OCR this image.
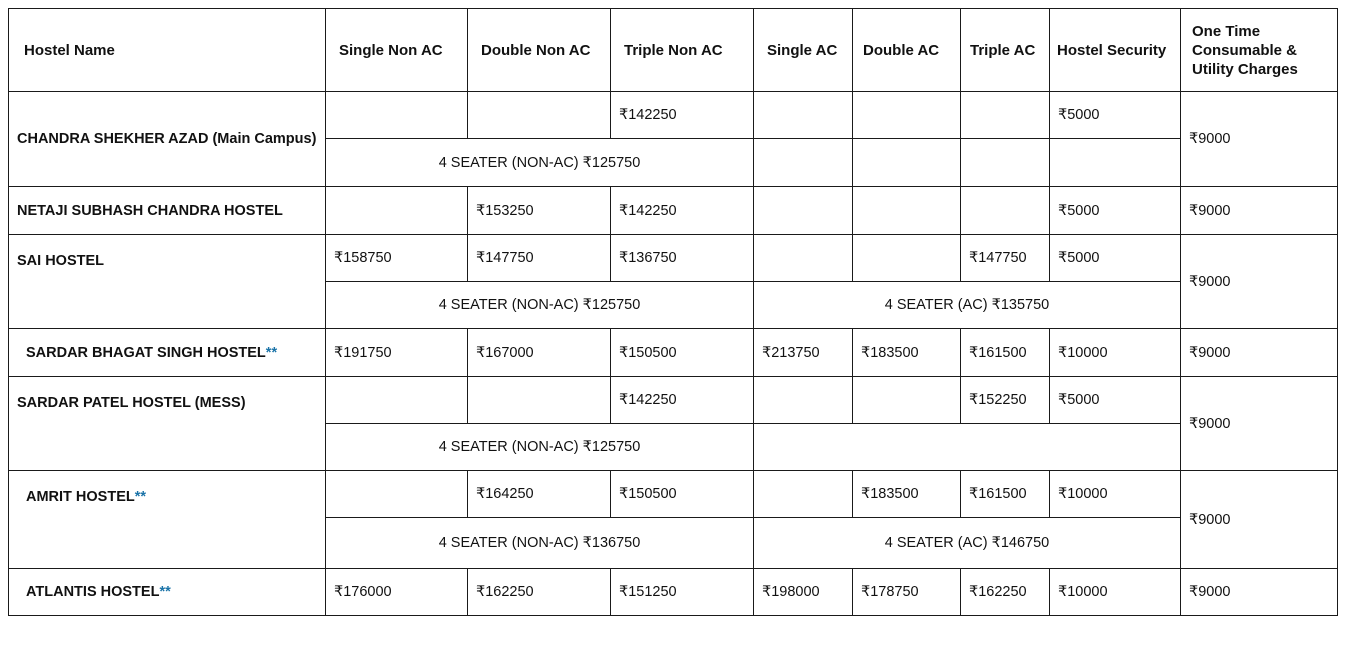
Hostel Name	Single Non AC	Double Non AC	Triple Non AC	Single AC	Double AC	Triple AC	Hostel Security	One Time Consumable & Utility Charges
CHANDRA SHEKHER AZAD (Main Campus)			₹142250				₹5000	₹9000
	4 SEATER (NON-AC) ₹125750							
NETAJI SUBHASH CHANDRA HOSTEL		₹153250	₹142250				₹5000	₹9000
SAI HOSTEL	₹158750	₹147750	₹136750			₹147750	₹5000	₹9000
	4 SEATER (NON-AC) ₹125750			4 SEATER (AC) ₹135750				
SARDAR BHAGAT SINGH HOSTEL**	₹191750	₹167000	₹150500	₹213750	₹183500	₹161500	₹10000	₹9000
SARDAR PATEL HOSTEL (MESS)			₹142250			₹152250	₹5000	₹9000
	4 SEATER (NON-AC) ₹125750							
AMRIT HOSTEL**		₹164250	₹150500		₹183500	₹161500	₹10000	₹9000
	4 SEATER (NON-AC) ₹136750			4 SEATER (AC) ₹146750				
ATLANTIS HOSTEL**	₹176000	₹162250	₹151250	₹198000	₹178750	₹162250	₹10000	₹9000
